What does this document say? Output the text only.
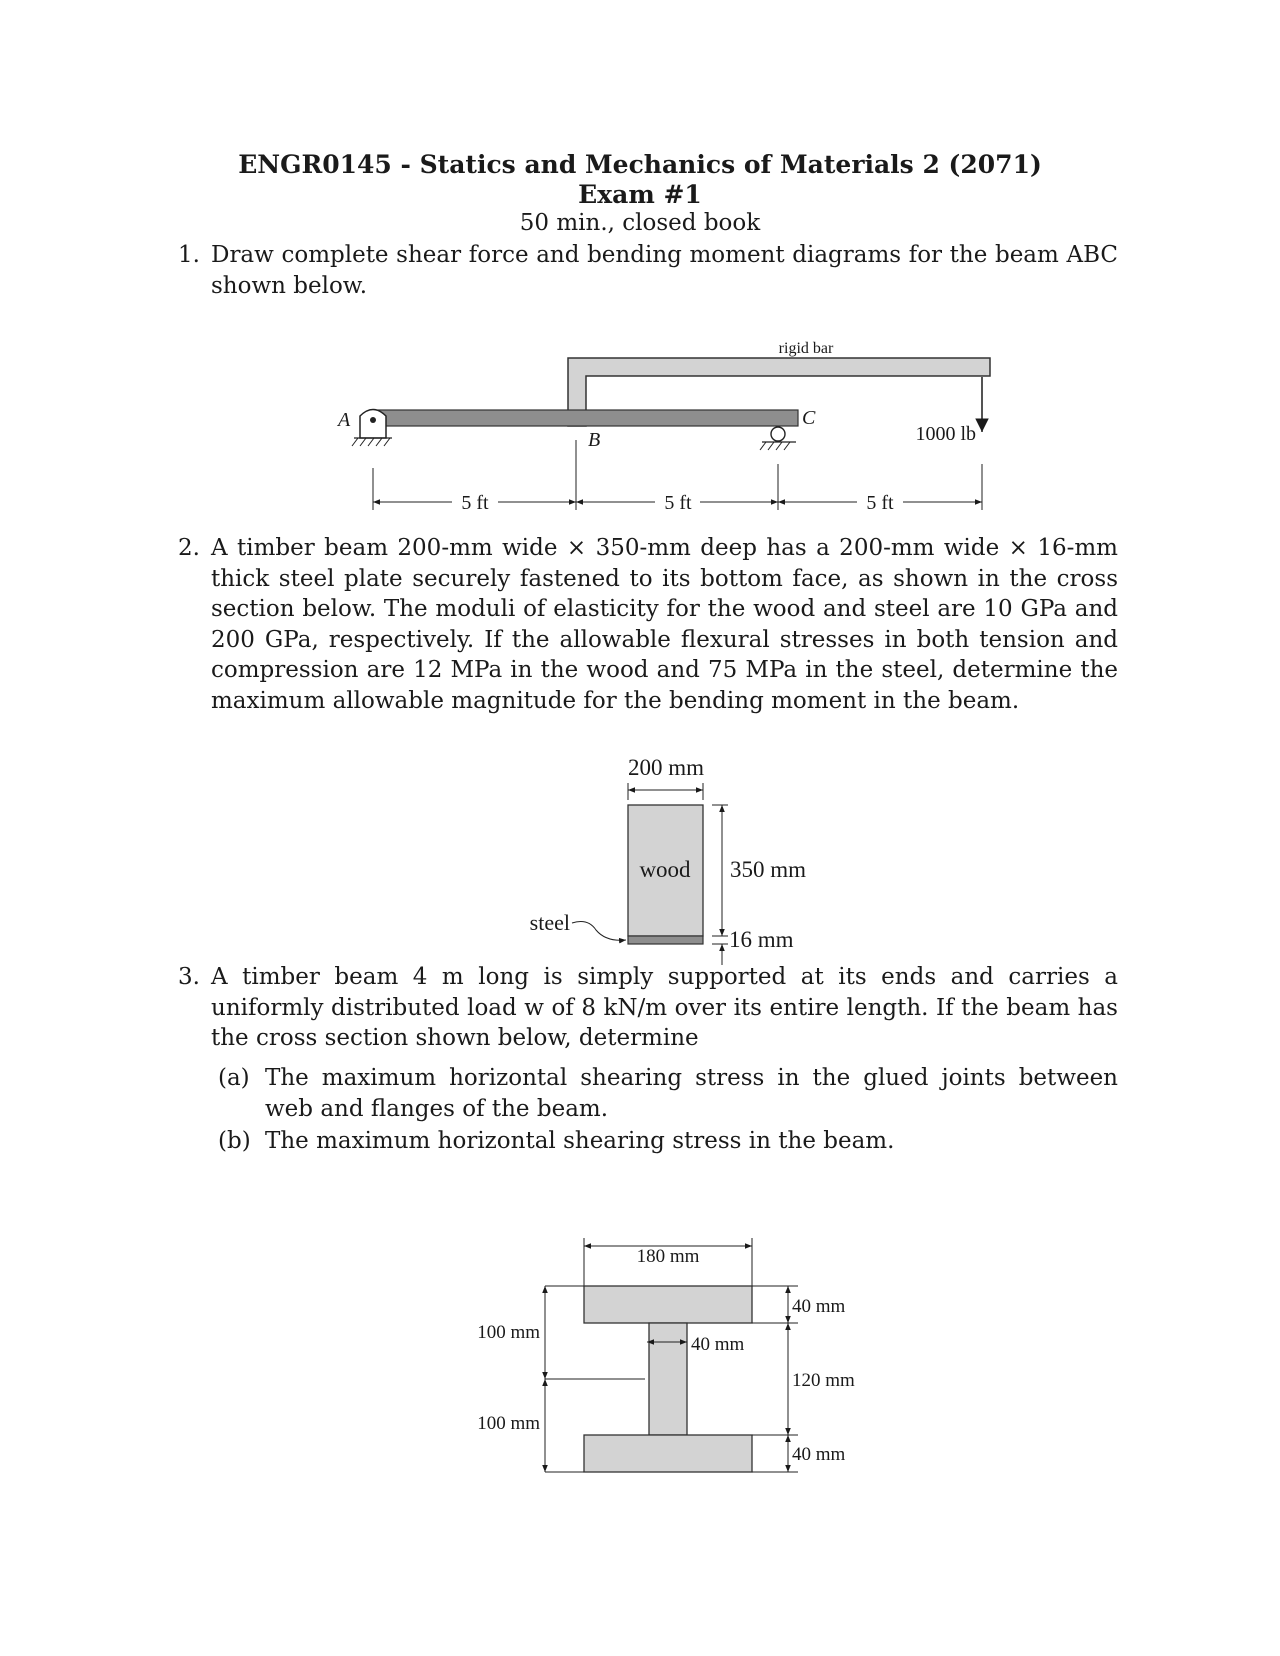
ENGR0145 - Statics and Mechanics of Materials 2 (2071)
Exam #1
50 min., closed book
1. Draw complete shear force and bending moment diagrams for the beam ABC shown below.
2. A timber beam 200-mm wide × 350-mm deep has a 200-mm wide × 16-mm thick steel plate securely fastened to its bottom face, as shown in the cross section below. The moduli of elasticity for the wood and steel are 10 GPa and 200 GPa, respectively. If the allowable flexural stresses in both tension and compression are 12 MPa in the wood and 75 MPa in the steel, determine the maximum allowable magnitude for the bending moment in the beam.
3. A timber beam 4 m long is simply supported at its ends and carries a uniformly distributed load w of 8 kN/m over its entire length. If the beam has the cross section shown below, determine
(a) The maximum horizontal shearing stress in the glued joints between web and flanges of the beam.
(b) The maximum horizontal shearing stress in the beam.
rigid bar
A
B
C
1000 lb
5 ft	5 ft	5 ft
200 mm
wood 350 mm
16 mm
steel
180 mm
40 mm
100 mm
100 mm
40 mm
120 mm
40 mm
